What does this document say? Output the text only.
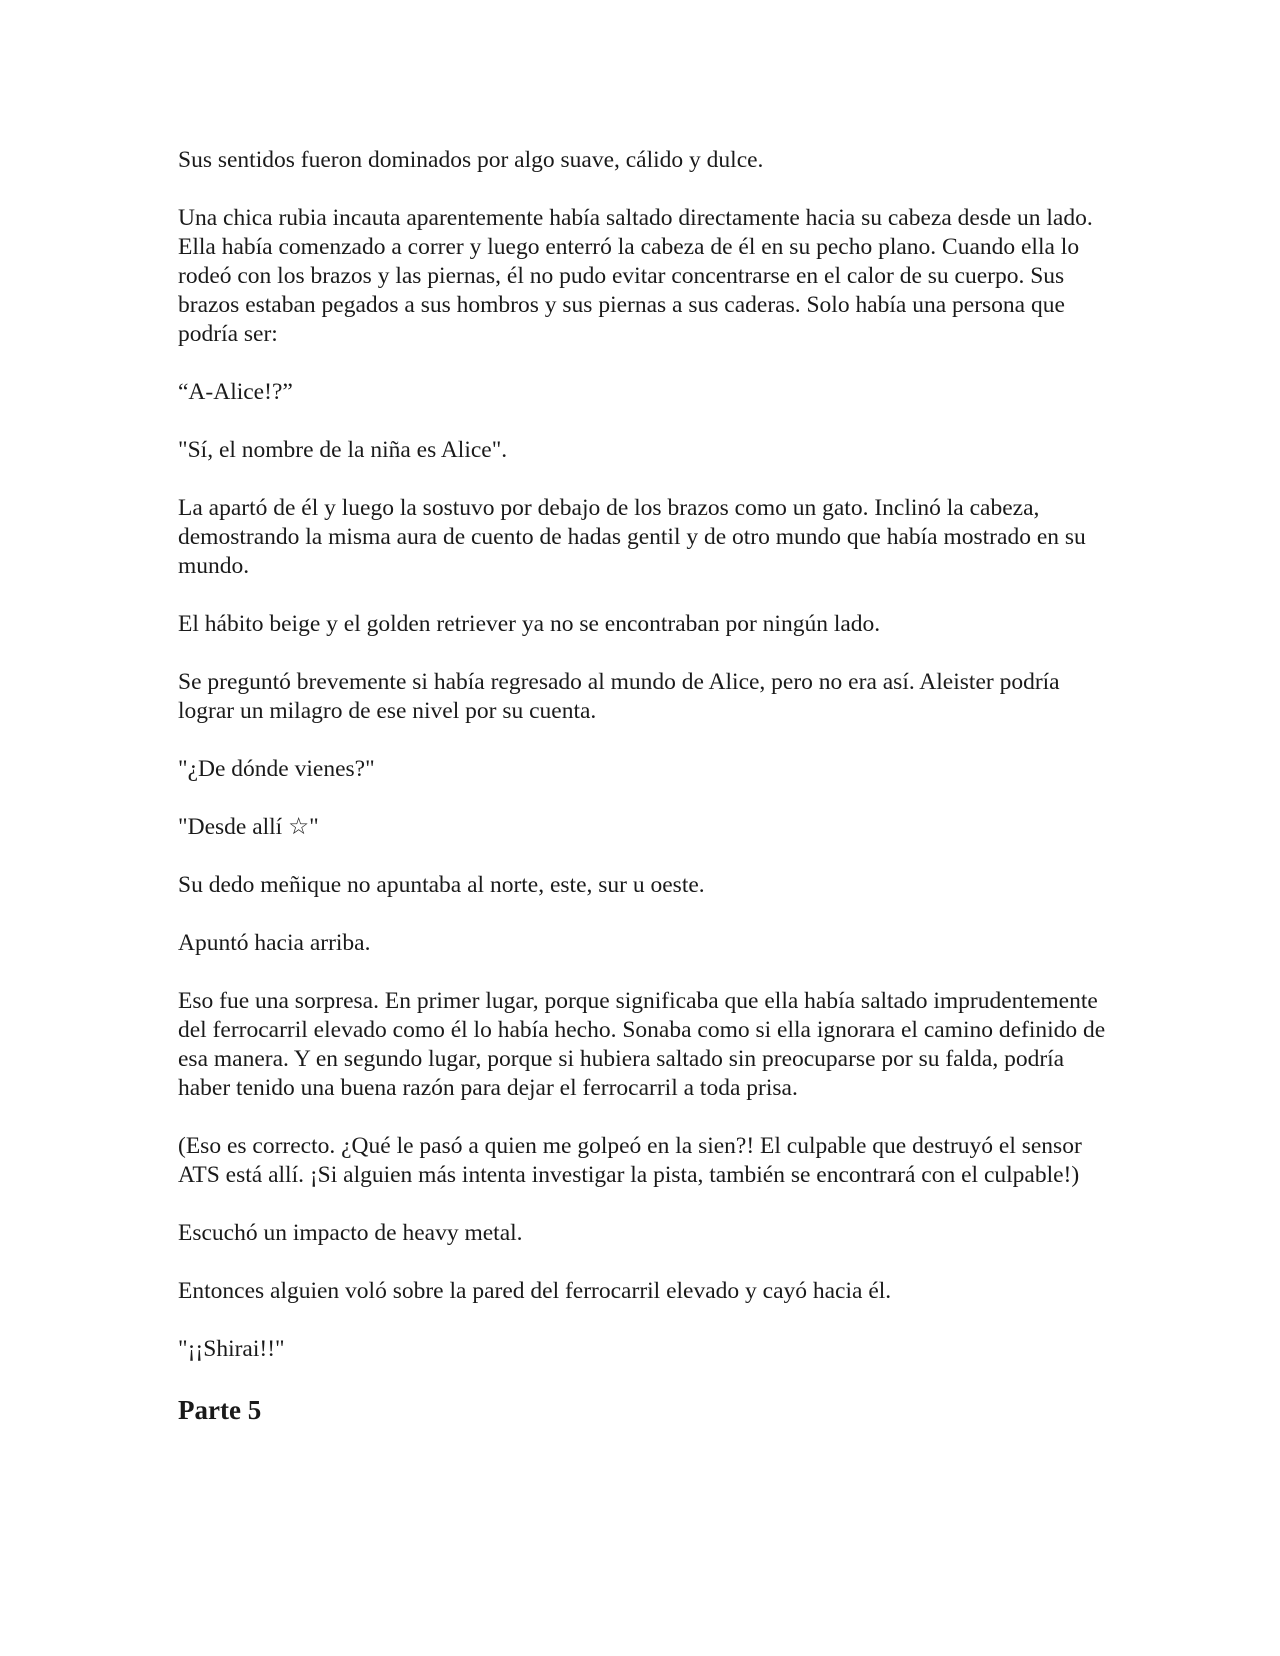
Sus sentidos fueron dominados por algo suave, cálido y dulce.

Una chica rubia incauta aparentemente había saltado directamente hacia su cabeza desde un lado. Ella había comenzado a correr y luego enterró la cabeza de él en su pecho plano. Cuando ella lo rodeó con los brazos y las piernas, él no pudo evitar concentrarse en el calor de su cuerpo. Sus brazos estaban pegados a sus hombros y sus piernas a sus caderas. Solo había una persona que podría ser:

“A-Alice!?”

"Sí, el nombre de la niña es Alice".

La apartó de él y luego la sostuvo por debajo de los brazos como un gato. Inclinó la cabeza, demostrando la misma aura de cuento de hadas gentil y de otro mundo que había mostrado en su mundo.

El hábito beige y el golden retriever ya no se encontraban por ningún lado.

Se preguntó brevemente si había regresado al mundo de Alice, pero no era así. Aleister podría lograr un milagro de ese nivel por su cuenta.

"¿De dónde vienes?"

"Desde allí ☆"

Su dedo meñique no apuntaba al norte, este, sur u oeste.

Apuntó hacia arriba.

Eso fue una sorpresa. En primer lugar, porque significaba que ella había saltado imprudentemente del ferrocarril elevado como él lo había hecho. Sonaba como si ella ignorara el camino definido de esa manera. Y en segundo lugar, porque si hubiera saltado sin preocuparse por su falda, podría haber tenido una buena razón para dejar el ferrocarril a toda prisa.

(Eso es correcto. ¿Qué le pasó a quien me golpeó en la sien?! El culpable que destruyó el sensor ATS está allí. ¡Si alguien más intenta investigar la pista, también se encontrará con el culpable!)

Escuchó un impacto de heavy metal.

Entonces alguien voló sobre la pared del ferrocarril elevado y cayó hacia él.

"¡¡Shirai!!"

Parte 5
